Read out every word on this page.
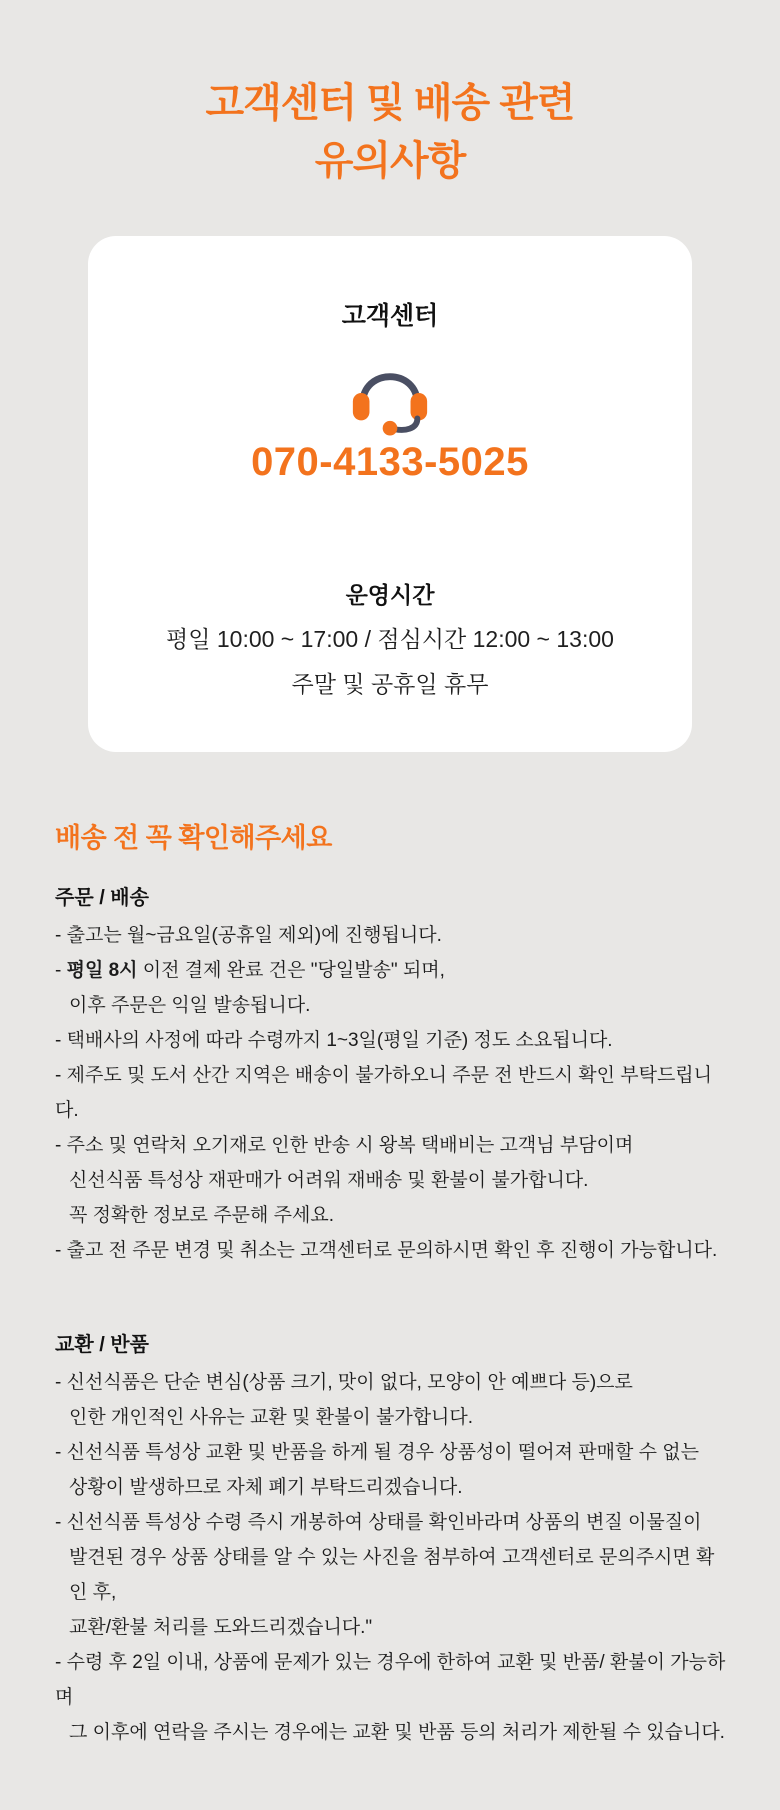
고객센터 및 배송 관련
유의사항
고객센터
070-4133-5025
운영시간
평일 10:00 ~ 17:00 / 점심시간 12:00 ~ 13:00
주말 및 공휴일 휴무
배송 전 꼭 확인해주세요
주문 / 배송
- 출고는 월~금요일(공휴일 제외)에 진행됩니다.
- 평일 8시 이전 결제 완료 건은 "당일발송" 되며,
이후 주문은 익일 발송됩니다.
- 택배사의 사정에 따라 수령까지 1~3일(평일 기준) 정도 소요됩니다.
- 제주도 및 도서 산간 지역은 배송이 불가하오니 주문 전 반드시 확인 부탁드립니다.
- 주소 및 연락처 오기재로 인한 반송 시 왕복 택배비는 고객님 부담이며
신선식품 특성상 재판매가 어려워 재배송 및 환불이 불가합니다.
꼭 정확한 정보로 주문해 주세요.
- 출고 전 주문 변경 및 취소는 고객센터로 문의하시면 확인 후 진행이 가능합니다.
교환 / 반품
- 신선식품은 단순 변심(상품 크기, 맛이 없다, 모양이 안 예쁘다 등)으로
인한 개인적인 사유는 교환 및 환불이 불가합니다.
- 신선식품 특성상 교환 및 반품을 하게 될 경우 상품성이 떨어져 판매할 수 없는
상황이 발생하므로 자체 폐기 부탁드리겠습니다.
- 신선식품 특성상 수령 즉시 개봉하여 상태를 확인바라며 상품의 변질 이물질이
발견된 경우 상품 상태를 알 수 있는 사진을 첨부하여 고객센터로 문의주시면 확인 후,
교환/환불 처리를 도와드리겠습니다."
- 수령 후 2일 이내, 상품에 문제가 있는 경우에 한하여 교환 및 반품/ 환불이 가능하며
그 이후에 연락을 주시는 경우에는 교환 및 반품 등의 처리가 제한될 수 있습니다.
